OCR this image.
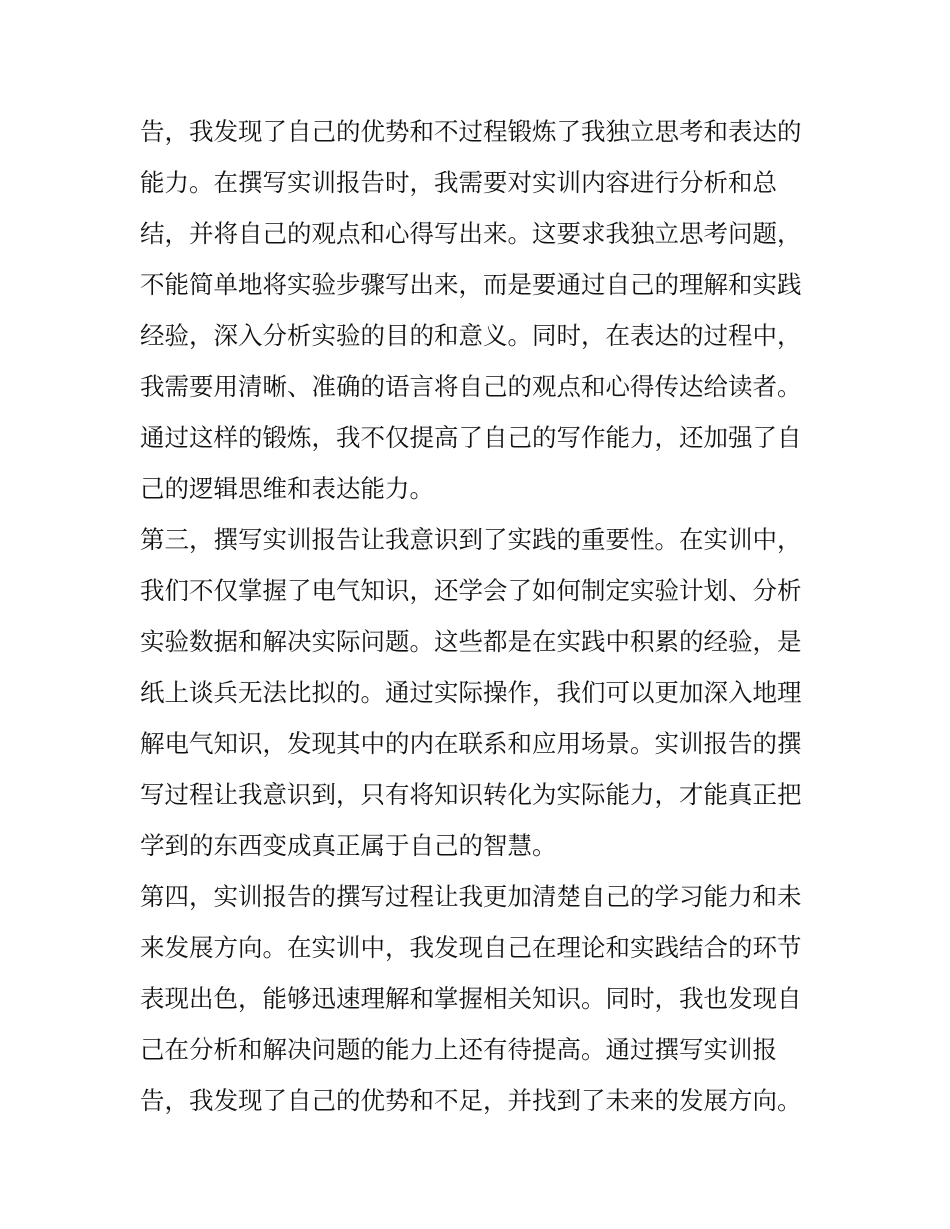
告，我发现了自己的优势和不过程锻炼了我独立思考和表达的
能力。在撰写实训报告时，我需要对实训内容进行分析和总
结，并将自己的观点和心得写出来。这要求我独立思考问题，
不能简单地将实验步骤写出来，而是要通过自己的理解和实践
经验，深入分析实验的目的和意义。同时，在表达的过程中，
我需要用清晰、准确的语言将自己的观点和心得传达给读者。
通过这样的锻炼，我不仅提高了自己的写作能力，还加强了自
己的逻辑思维和表达能力。
第三，撰写实训报告让我意识到了实践的重要性。在实训中，
我们不仅掌握了电气知识，还学会了如何制定实验计划、分析
实验数据和解决实际问题。这些都是在实践中积累的经验，是
纸上谈兵无法比拟的。通过实际操作，我们可以更加深入地理
解电气知识，发现其中的内在联系和应用场景。实训报告的撰
写过程让我意识到，只有将知识转化为实际能力，才能真正把
学到的东西变成真正属于自己的智慧。
第四，实训报告的撰写过程让我更加清楚自己的学习能力和未
来发展方向。在实训中，我发现自己在理论和实践结合的环节
表现出色，能够迅速理解和掌握相关知识。同时，我也发现自
己在分析和解决问题的能力上还有待提高。通过撰写实训报
告，我发现了自己的优势和不足，并找到了未来的发展方向。
